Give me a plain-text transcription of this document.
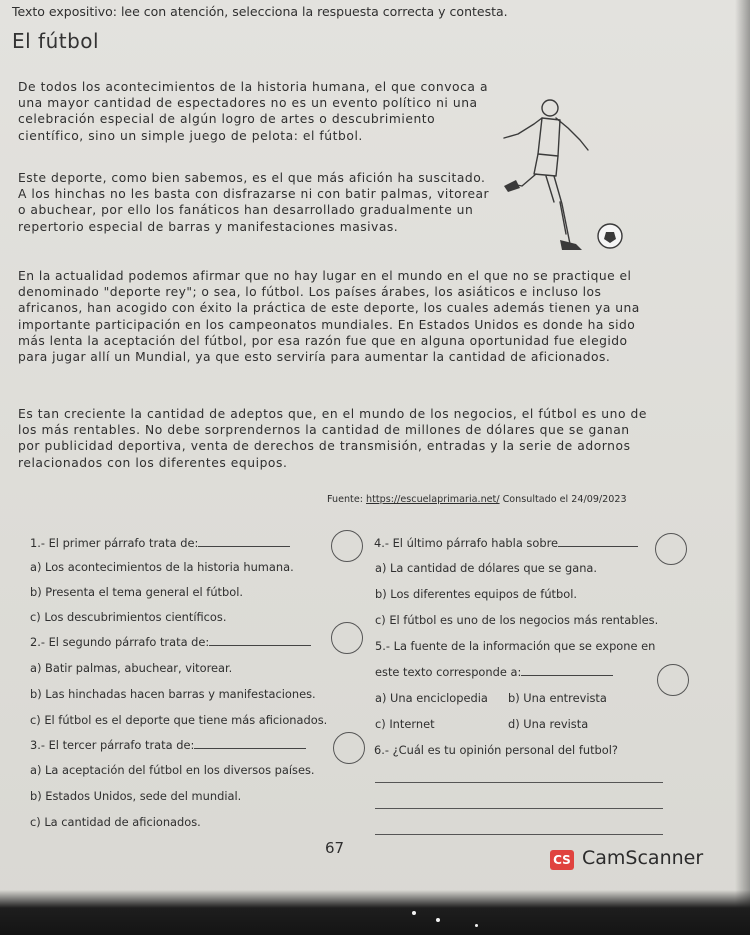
Texto expositivo: lee con atención, selecciona la respuesta correcta y contesta.
El fútbol
De todos los acontecimientos de la historia humana, el que convoca a
una mayor cantidad de espectadores no es un evento político ni una
celebración especial de algún logro de artes o descubrimiento
científico, sino un simple juego de pelota: el fútbol.
Este deporte, como bien sabemos, es el que más afición ha suscitado.
A los hinchas no les basta con disfrazarse ni con batir palmas, vitorear
o abuchear, por ello los fanáticos han desarrollado gradualmente un
repertorio especial de barras y manifestaciones masivas.
En la actualidad podemos afirmar que no hay lugar en el mundo en el que no se practique el
denominado "deporte rey"; o sea, lo fútbol. Los países árabes, los asiáticos e incluso los
africanos, han acogido con éxito la práctica de este deporte, los cuales además tienen ya una
importante participación en los campeonatos mundiales. En Estados Unidos es donde ha sido
más lenta la aceptación del fútbol, por esa razón fue que en alguna oportunidad fue elegido
para jugar allí un Mundial, ya que esto serviría para aumentar la cantidad de aficionados.
Es tan creciente la cantidad de adeptos que, en el mundo de los negocios, el fútbol es uno de
los más rentables. No debe sorprendernos la cantidad de millones de dólares que se ganan
por publicidad deportiva, venta de derechos de transmisión, entradas y la serie de adornos
relacionados con los diferentes equipos.
Fuente: https://escuelaprimaria.net/ Consultado el 24/09/2023
1.- El primer párrafo trata de:
a) Los acontecimientos de la historia humana.
b) Presenta el tema general el fútbol.
c) Los descubrimientos científicos.
2.- El segundo párrafo trata de:
a) Batir palmas, abuchear, vitorear.
b) Las hinchadas hacen barras y manifestaciones.
c) El fútbol es el deporte que tiene más aficionados.
3.- El tercer párrafo trata de:
a) La aceptación del fútbol en los diversos países.
b) Estados Unidos, sede del mundial.
c) La cantidad de aficionados.
4.- El último párrafo habla sobre
a) La cantidad de dólares que se gana.
b) Los diferentes equipos de fútbol.
c) El fútbol es uno de los negocios más rentables.
5.- La fuente de la información que se expone en
este texto corresponde a:
a) Una enciclopedia b) Una entrevista
c) Internet	d) Una revista
6.- ¿Cuál es tu opinión personal del futbol?
67
CS CamScanner
